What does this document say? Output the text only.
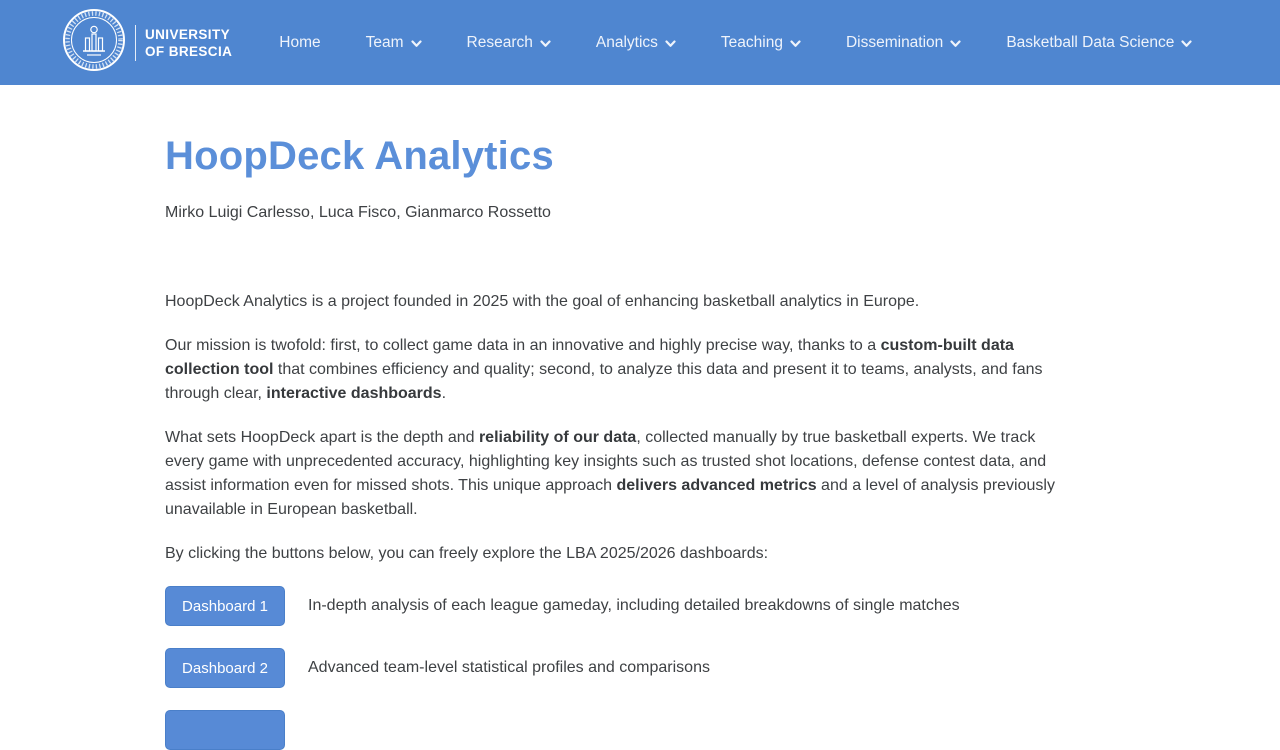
UNIVERSITY
OF BRESCIA
Home	Team	Research	Analytics	Teaching	Dissemination	Basketball Data Science
HoopDeck Analytics

Mirko Luigi Carlesso, Luca Fisco, Gianmarco Rossetto

HoopDeck Analytics is a project founded in 2025 with the goal of enhancing basketball analytics in Europe.

Our mission is twofold: first, to collect game data in an innovative and highly precise way, thanks to a custom-built data collection tool that combines efficiency and quality; second, to analyze this data and present it to teams, analysts, and fans through clear, interactive dashboards.

What sets HoopDeck apart is the depth and reliability of our data, collected manually by true basketball experts. We track every game with unprecedented accuracy, highlighting key insights such as trusted shot locations, defense contest data, and assist information even for missed shots. This unique approach delivers advanced metrics and a level of analysis previously unavailable in European basketball.

By clicking the buttons below, you can freely explore the LBA 2025/2026 dashboards:

Dashboard 1	In-depth analysis of each league gameday, including detailed breakdowns of single matches
Dashboard 2	Advanced team-level statistical profiles and comparisons
